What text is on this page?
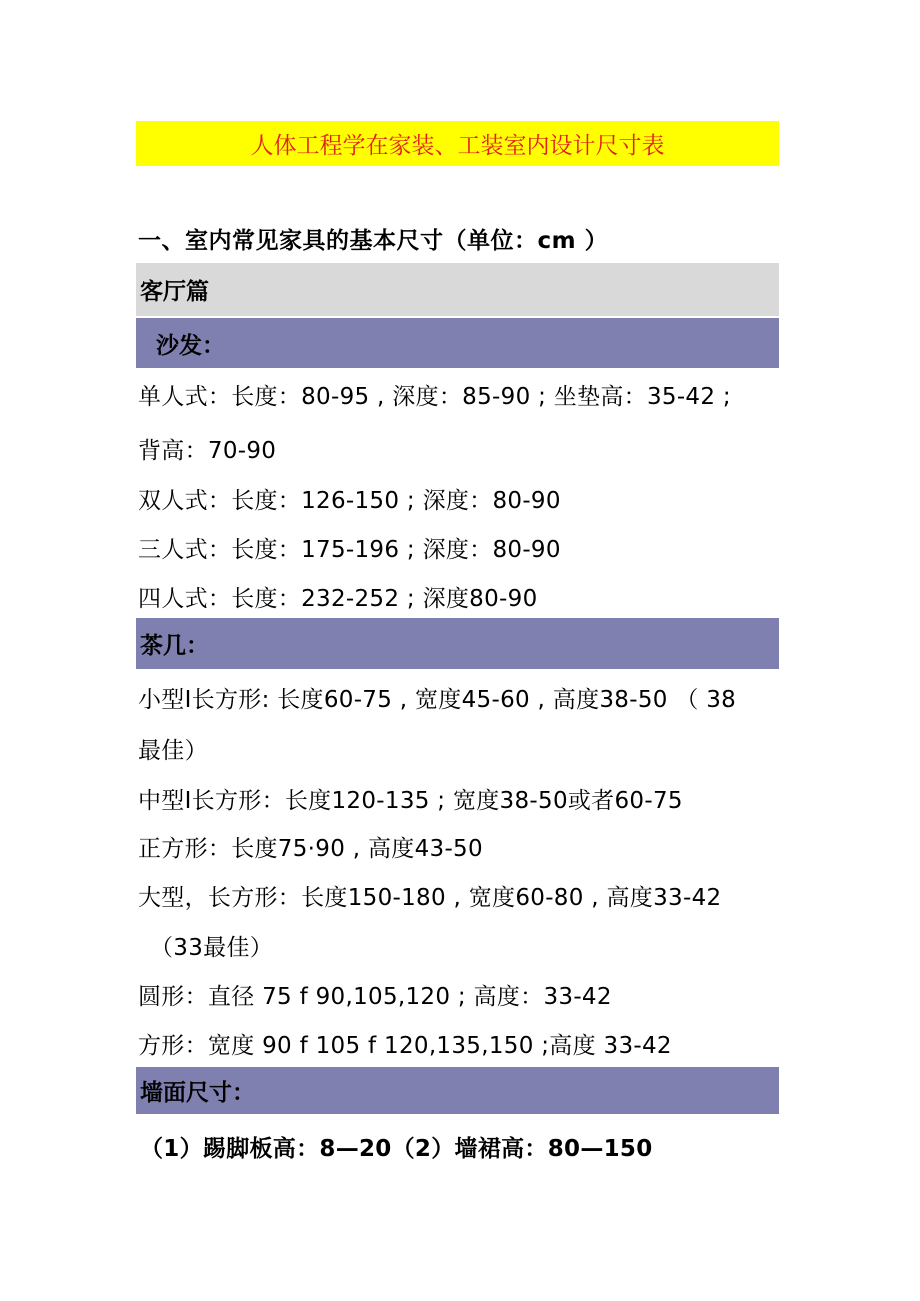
人体工程学在家装、工装室内设计尺寸表
一、室内常见家具的基本尺寸（单位：cm ）
客厅篇
沙发：
单人式：长度：80-95 , 深度：85-90 ; 坐垫高：35-42 ;
背高：70-90
双人式：长度：126-150 ; 深度：80-90
三人式：长度：175-196 ; 深度：80-90
四人式：长度：232-252 ; 深度80-90
茶几：
小型I长方形: 长度60-75 , 宽度45-60 , 高度38-50 （ 38
最佳）
中型I长方形：长度120-135 ; 宽度38-50或者60-75
正方形：长度75·90 , 高度43-50
大型，长方形：长度150-180 , 宽度60-80 , 高度33-42
（33最佳）
圆形：直径 75 f 90,105,120 ; 高度：33-42
方形：宽度 90 f 105 f 120,135,150 ;高度 33-42
墙面尺寸：
（1）踢脚板高：8—20（2）墙裙高：80—150
